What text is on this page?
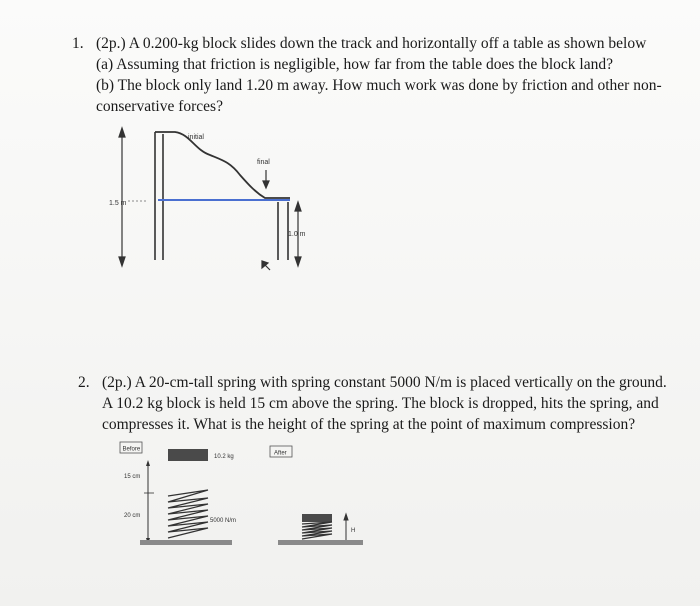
1. (2p.) A 0.200-kg block slides down the track and horizontally off a table as shown below
(a) Assuming that friction is negligible, how far from the table does the block land?
(b) The block only land 1.20 m away. How much work was done by friction and other non-
conservative forces?
1.5 m
initial
final
1.0 m
2. (2p.) A 20-cm-tall spring with spring constant 5000 N/m is placed vertically on the ground.
A 10.2 kg block is held 15 cm above the spring. The block is dropped, hits the spring, and
compresses it. What is the height of the spring at the point of maximum compression?
Before
10.2 kg
After
15 cm
20 cm
5000 N/m
H
